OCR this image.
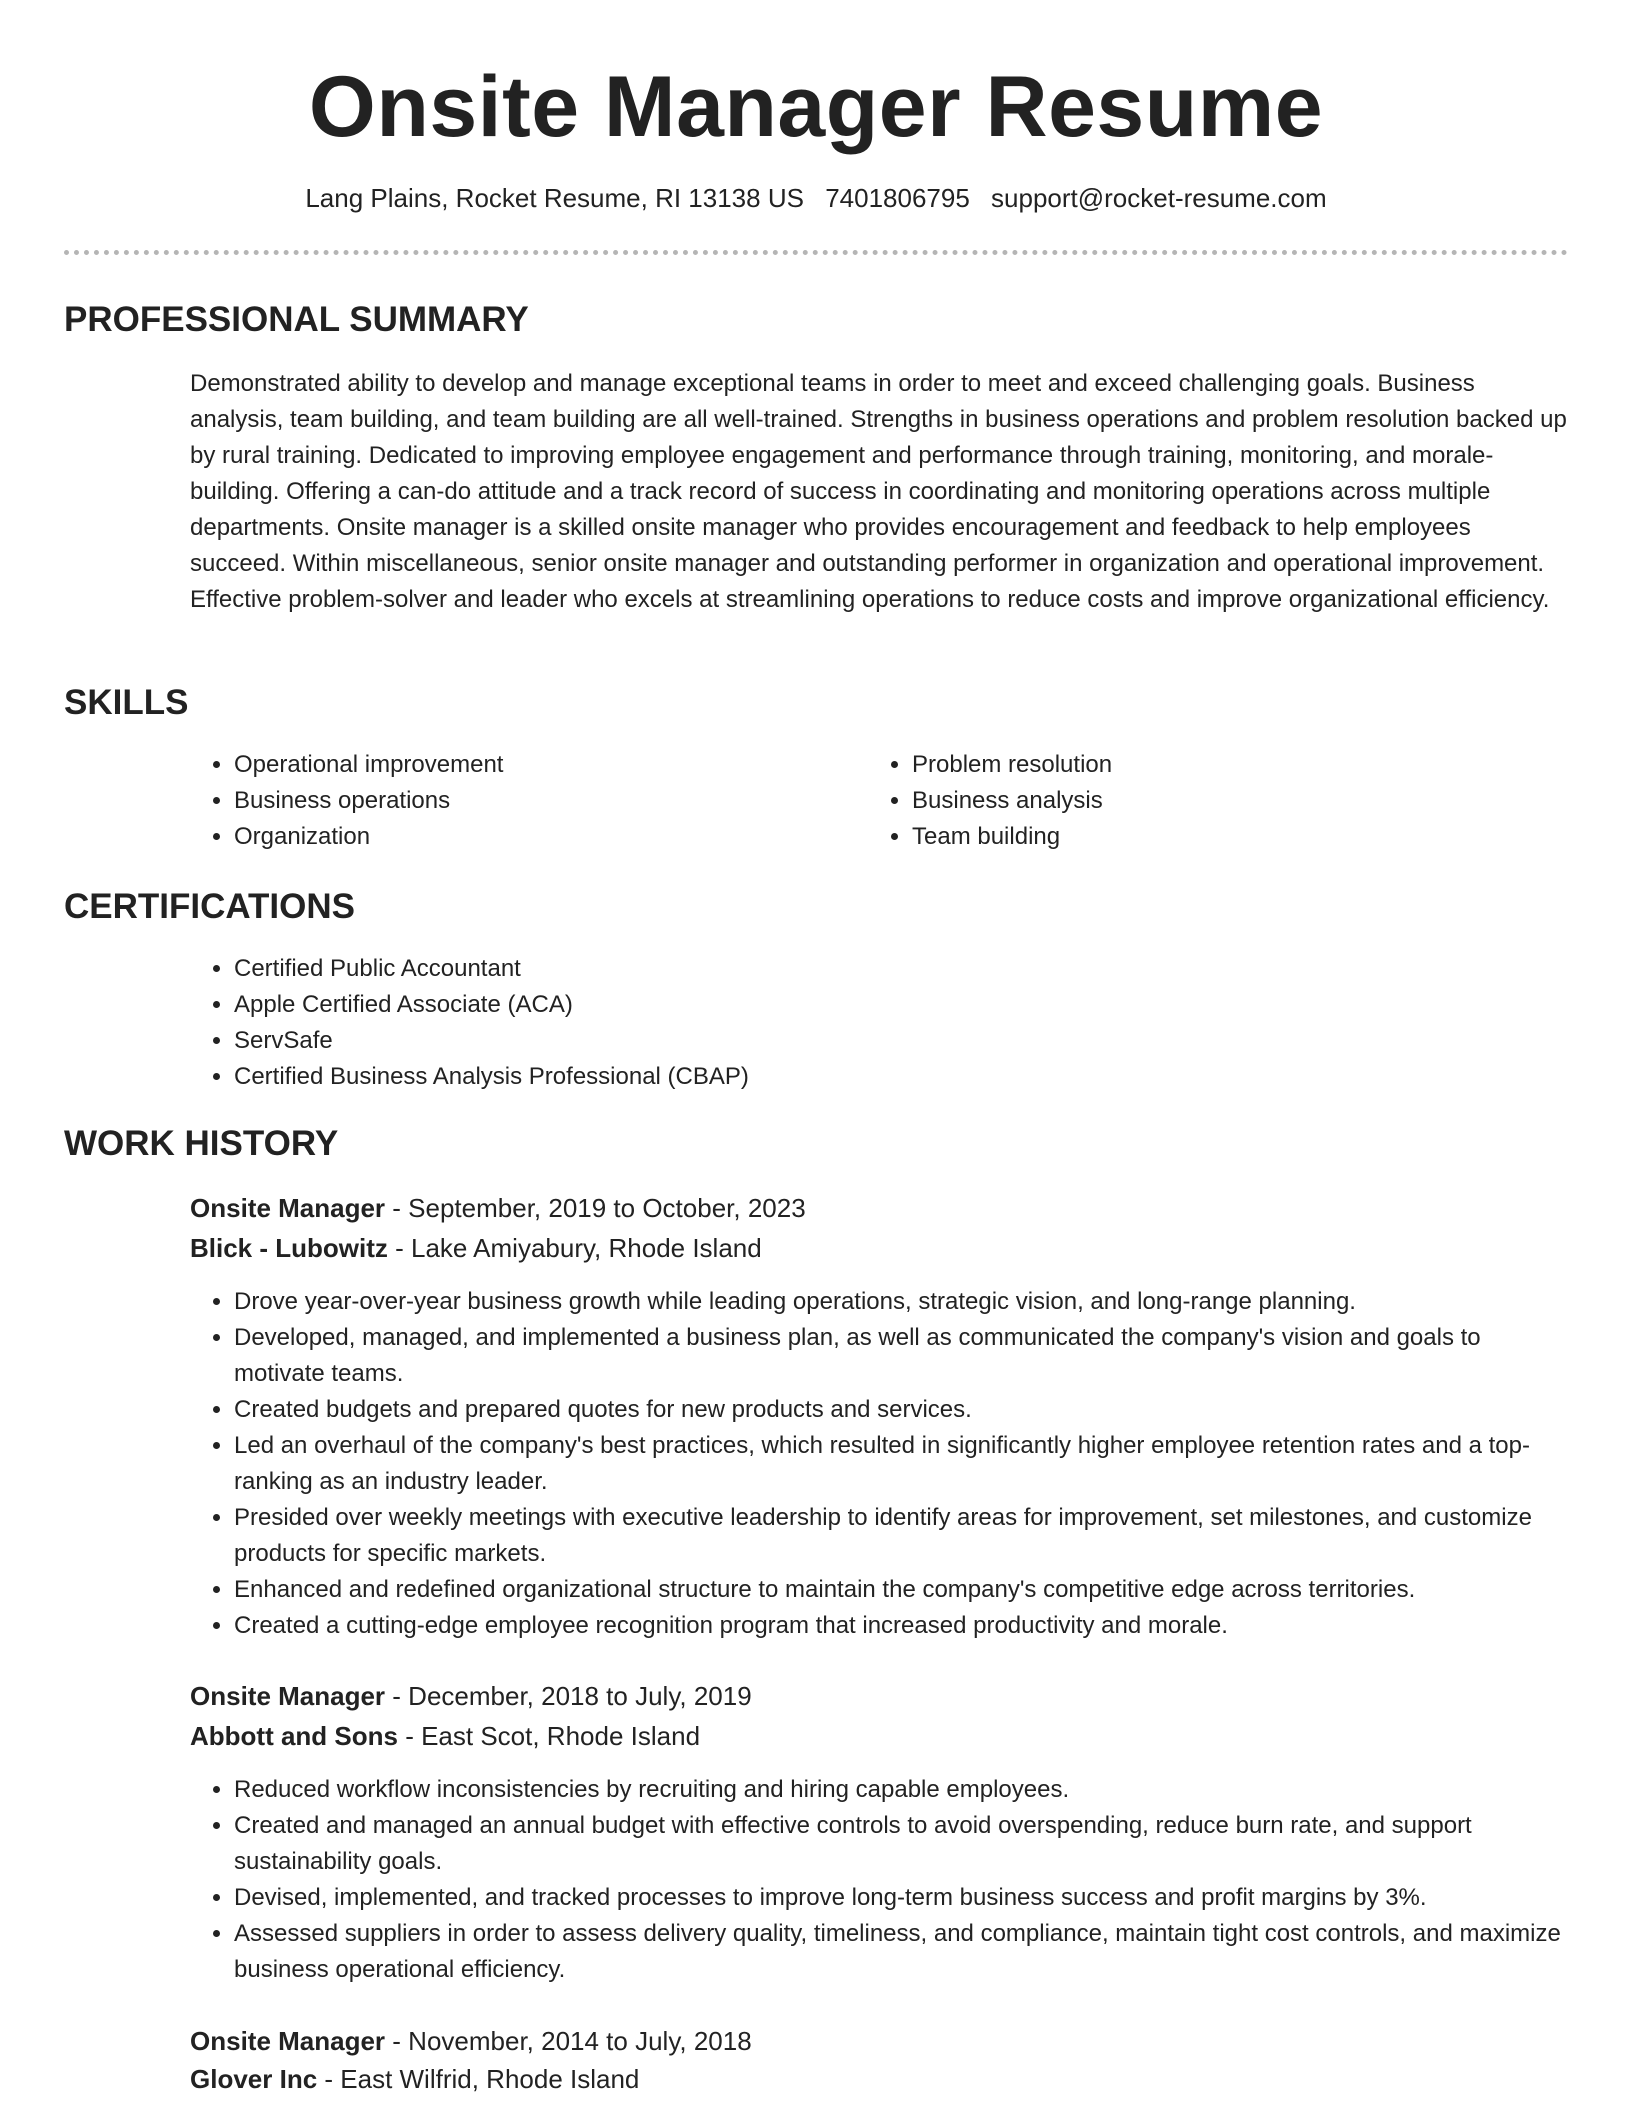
Onsite Manager Resume
Lang Plains, Rocket Resume, RI 13138 US 7401806795 support@rocket-resume.com
PROFESSIONAL SUMMARY
Demonstrated ability to develop and manage exceptional teams in order to meet and exceed challenging goals. Business analysis, team building, and team building are all well-trained. Strengths in business operations and problem resolution backed up by rural training. Dedicated to improving employee engagement and performance through training, monitoring, and morale-building. Offering a can-do attitude and a track record of success in coordinating and monitoring operations across multiple departments. Onsite manager is a skilled onsite manager who provides encouragement and feedback to help employees succeed. Within miscellaneous, senior onsite manager and outstanding performer in organization and operational improvement. Effective problem-solver and leader who excels at streamlining operations to reduce costs and improve organizational efficiency.
SKILLS
• Operational improvement
• Business operations
• Organization
• Problem resolution
• Business analysis
• Team building
CERTIFICATIONS
• Certified Public Accountant
• Apple Certified Associate (ACA)
• ServSafe
• Certified Business Analysis Professional (CBAP)
WORK HISTORY
Onsite Manager - September, 2019 to October, 2023
Blick - Lubowitz - Lake Amiyabury, Rhode Island
• Drove year-over-year business growth while leading operations, strategic vision, and long-range planning.
• Developed, managed, and implemented a business plan, as well as communicated the company's vision and goals to motivate teams.
• Created budgets and prepared quotes for new products and services.
• Led an overhaul of the company's best practices, which resulted in significantly higher employee retention rates and a top-ranking as an industry leader.
• Presided over weekly meetings with executive leadership to identify areas for improvement, set milestones, and customize products for specific markets.
• Enhanced and redefined organizational structure to maintain the company's competitive edge across territories.
• Created a cutting-edge employee recognition program that increased productivity and morale.
Onsite Manager - December, 2018 to July, 2019
Abbott and Sons - East Scot, Rhode Island
• Reduced workflow inconsistencies by recruiting and hiring capable employees.
• Created and managed an annual budget with effective controls to avoid overspending, reduce burn rate, and support sustainability goals.
• Devised, implemented, and tracked processes to improve long-term business success and profit margins by 3%.
• Assessed suppliers in order to assess delivery quality, timeliness, and compliance, maintain tight cost controls, and maximize business operational efficiency.
Onsite Manager - November, 2014 to July, 2018
Glover Inc - East Wilfrid, Rhode Island
